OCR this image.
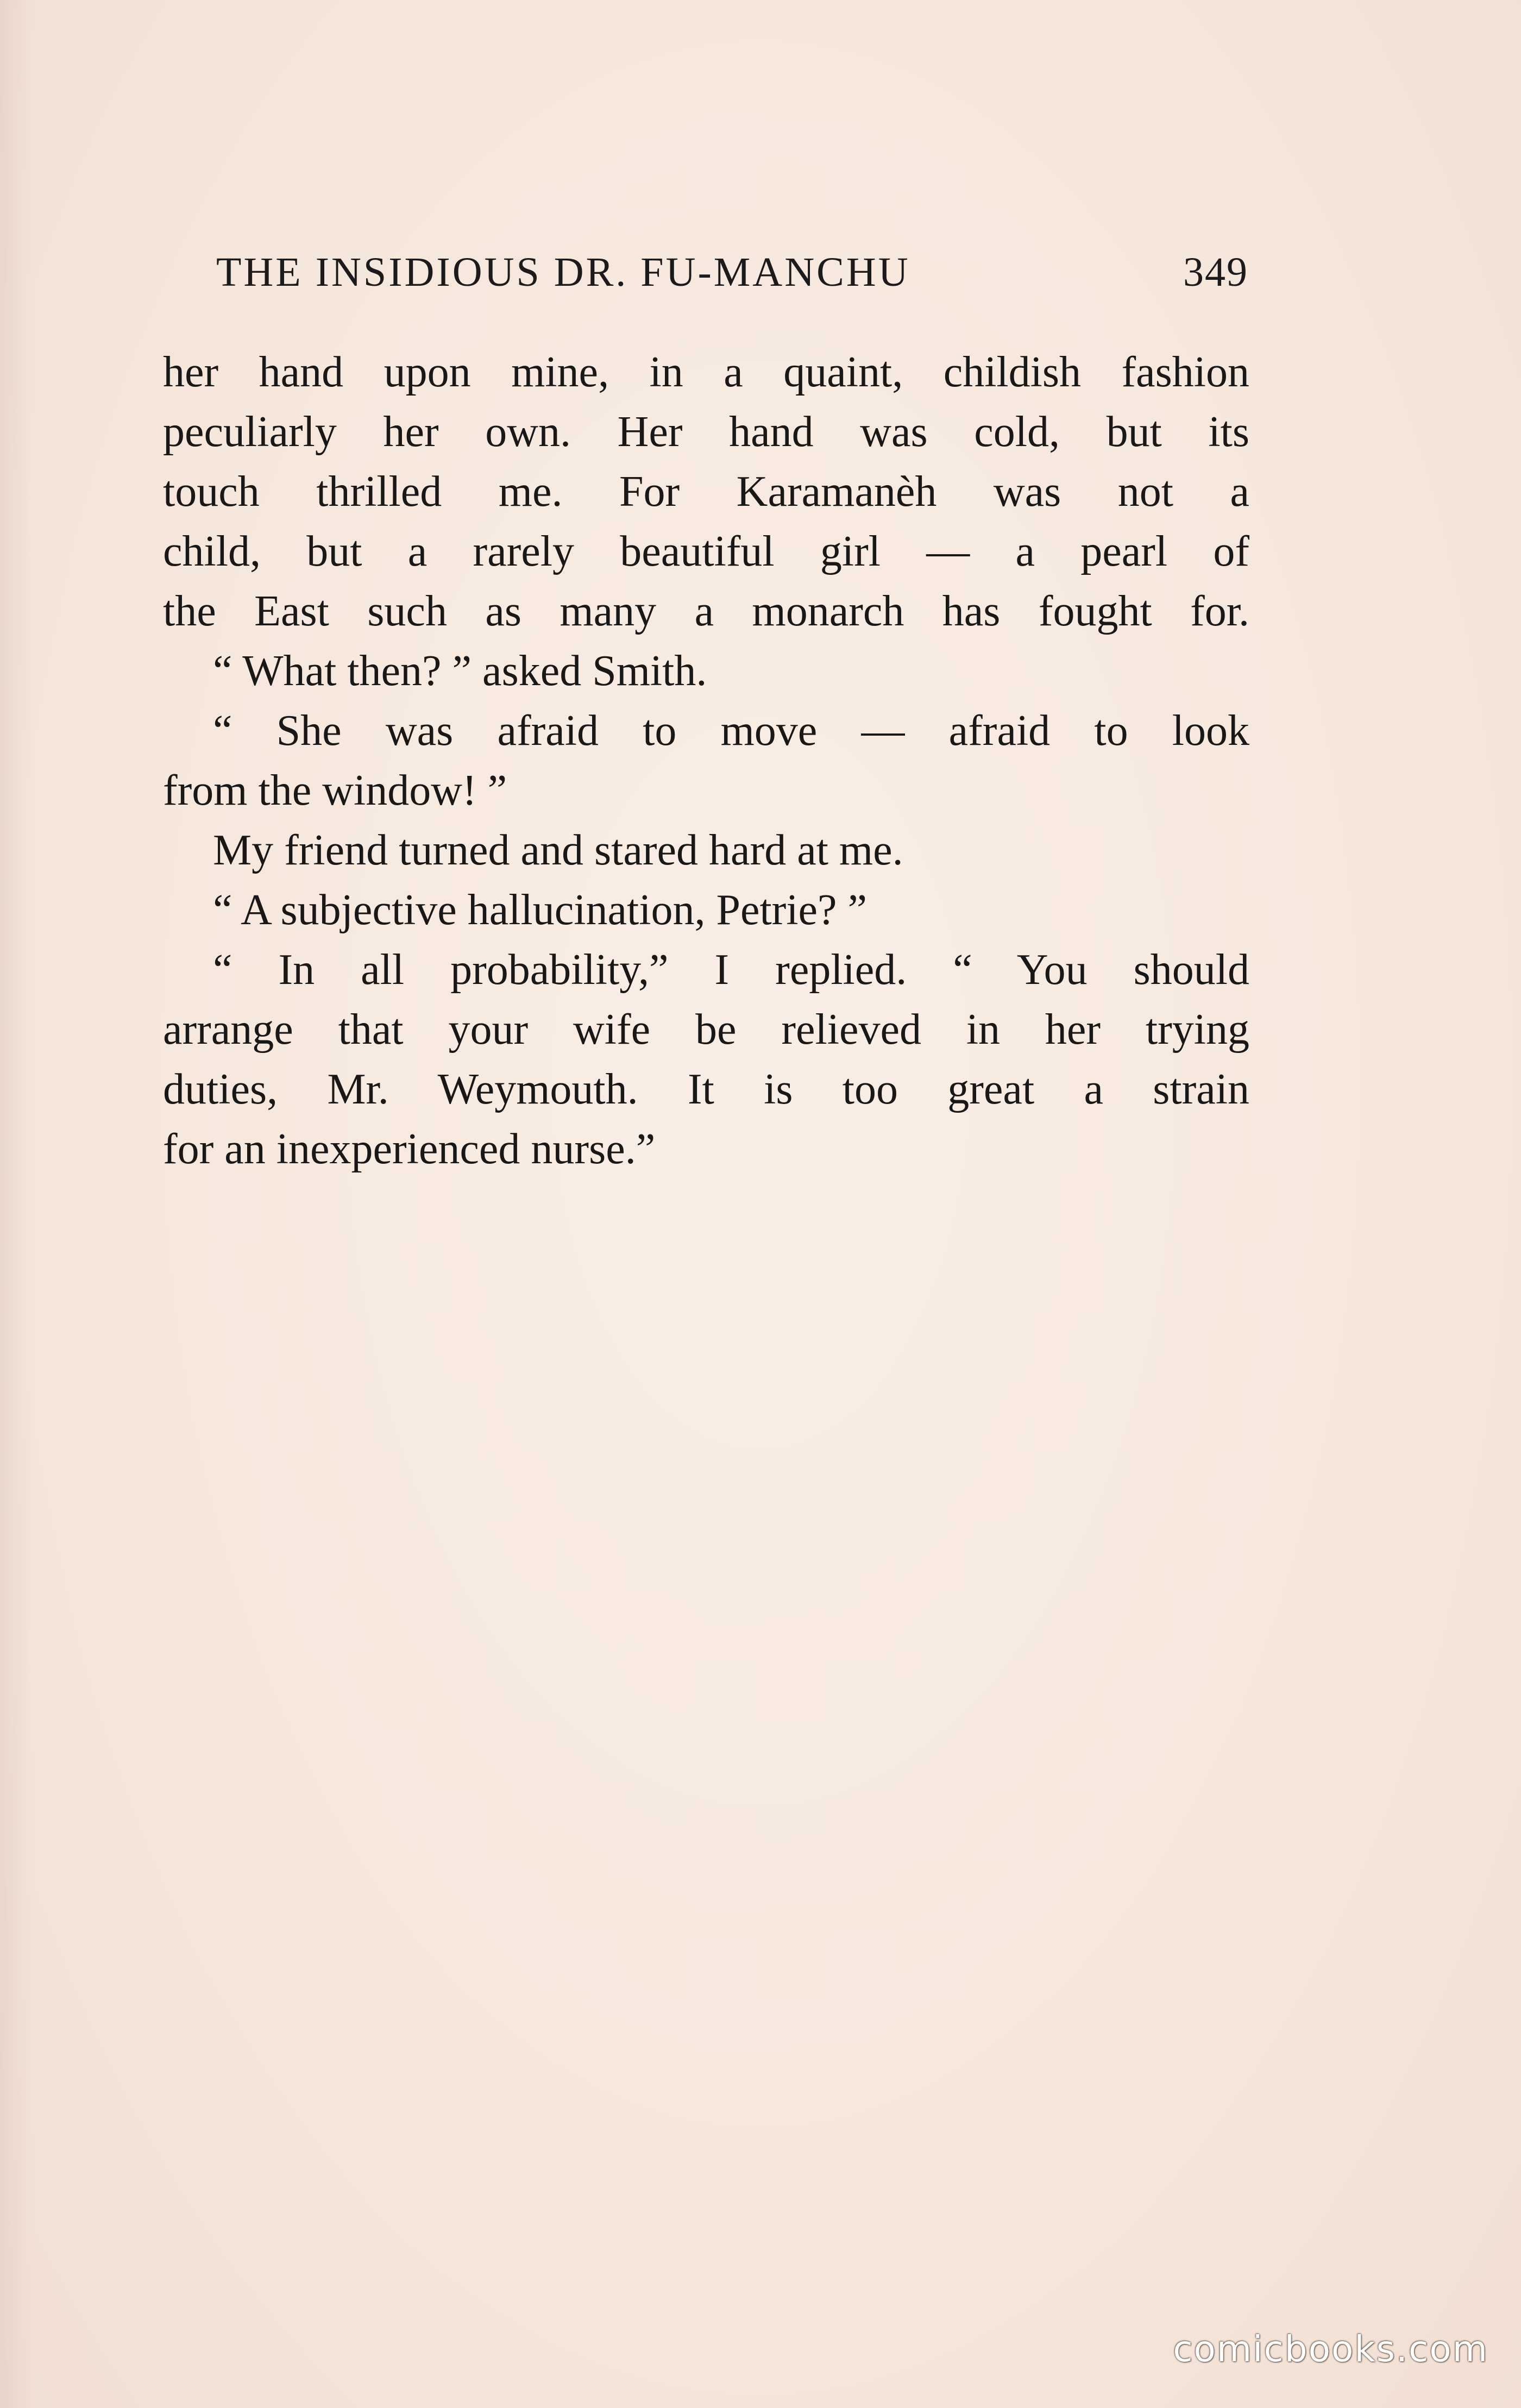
THE INSIDIOUS DR. FU-MANCHU	349
her hand upon mine, in a quaint, childish fashion
peculiarly her own. Her hand was cold, but its
touch thrilled me. For Karamanèh was not a
child, but a rarely beautiful girl — a pearl of
the East such as many a monarch has fought for.
“ What then? ” asked Smith.
“ She was afraid to move — afraid to look
from the window! ”
My friend turned and stared hard at me.
“ A subjective hallucination, Petrie? ”
“ In all probability,” I replied. “ You should
arrange that your wife be relieved in her trying
duties, Mr. Weymouth. It is too great a strain
for an inexperienced nurse.”
comicbooks.com
